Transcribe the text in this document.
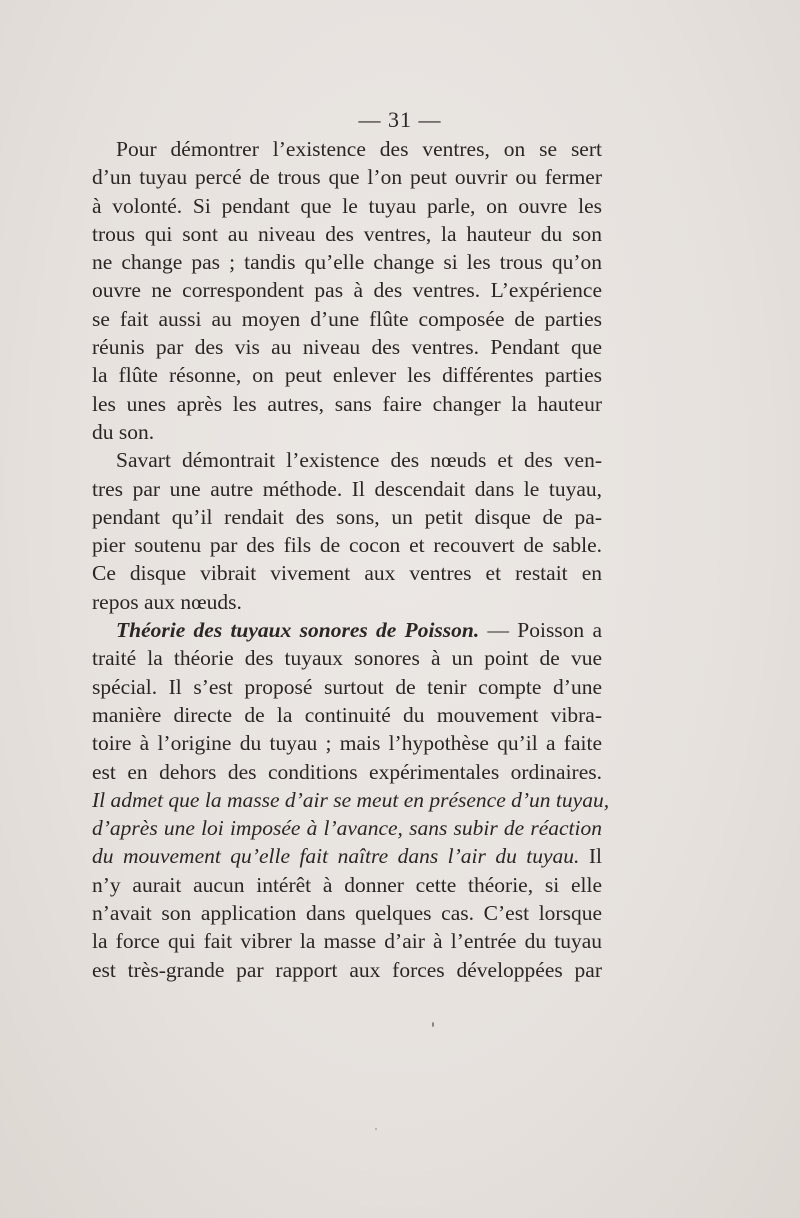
— 31 —
Pour démontrer l’existence des ventres, on se sert
d’un tuyau percé de trous que l’on peut ouvrir ou fermer
à volonté. Si pendant que le tuyau parle, on ouvre les
trous qui sont au niveau des ventres, la hauteur du son
ne change pas ; tandis qu’elle change si les trous qu’on
ouvre ne correspondent pas à des ventres. L’expérience
se fait aussi au moyen d’une flûte composée de parties
réunis par des vis au niveau des ventres. Pendant que
la flûte résonne, on peut enlever les différentes parties
les unes après les autres, sans faire changer la hauteur
du son.
Savart démontrait l’existence des nœuds et des ven-
tres par une autre méthode. Il descendait dans le tuyau,
pendant qu’il rendait des sons, un petit disque de pa-
pier soutenu par des fils de cocon et recouvert de sable.
Ce disque vibrait vivement aux ventres et restait en
repos aux nœuds.
Théorie des tuyaux sonores de Poisson. — Poisson a
traité la théorie des tuyaux sonores à un point de vue
spécial. Il s’est proposé surtout de tenir compte d’une
manière directe de la continuité du mouvement vibra-
toire à l’origine du tuyau ; mais l’hypothèse qu’il a faite
est en dehors des conditions expérimentales ordinaires.
Il admet que la masse d’air se meut en présence d’un tuyau,
d’après une loi imposée à l’avance, sans subir de réaction
du mouvement qu’elle fait naître dans l’air du tuyau. Il
n’y aurait aucun intérêt à donner cette théorie, si elle
n’avait son application dans quelques cas. C’est lorsque
la force qui fait vibrer la masse d’air à l’entrée du tuyau
est très-grande par rapport aux forces développées par
